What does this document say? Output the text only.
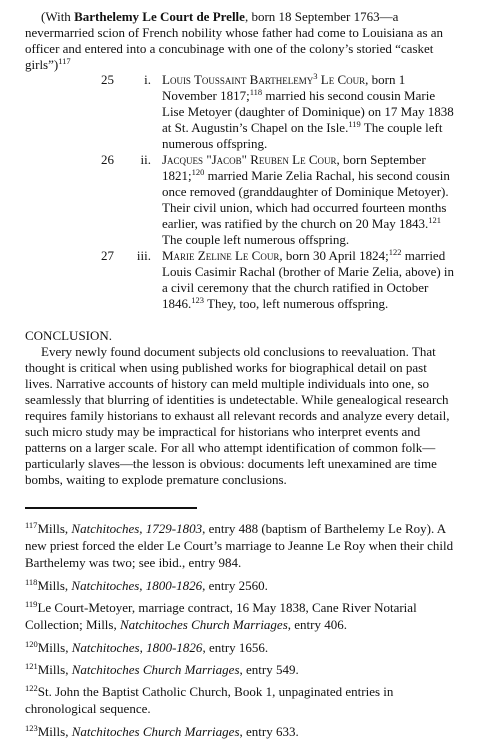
(With Barthelemy Le Court de Prelle, born 18 September 1763—a nevermarried scion of French nobility whose father had come to Louisiana as an officer and entered into a concubinage with one of the colony’s storied “casket girls”)$^{117}$
25	i. Louis Toussaint Barthelemy$^3$ Le Cour, born 1 November 1817;$^{118}$ married his second cousin Marie Lise Metoyer (daughter of Dominique) on 17 May 1838 at St. Augustin’s Chapel on the Isle.$^{119}$ The couple left numerous offspring.
26	ii. Jacques "Jacob" Reuben Le Cour, born September 1821;$^{120}$ married Marie Zelia Rachal, his second cousin once removed (granddaughter of Dominique Metoyer). Their civil union, which had occurred fourteen months earlier, was ratified by the church on 20 May 1843.$^{121}$ The couple left numerous offspring.
27	iii. Marie Zeline Le Cour, born 30 April 1824;$^{122}$ married Louis Casimir Rachal (brother of Marie Zelia, above) in a civil ceremony that the church ratified in October 1846.$^{123}$ They, too, left numerous offspring.
CONCLUSION.
Every newly found document subjects old conclusions to reevaluation. That thought is critical when using published works for biographical detail on past lives. Narrative accounts of history can meld multiple individuals into one, so seamlessly that blurring of identities is undetectable. While genealogical research requires family historians to exhaust all relevant records and analyze every detail, such micro study may be impractical for historians who interpret events and patterns on a larger scale. For all who attempt identification of common folk—particularly slaves—the lesson is obvious: documents left unexamined are time bombs, waiting to explode premature conclusions.
$^{117}$Mills, Natchitoches, 1729-1803, entry 488 (baptism of Barthelemy Le Roy). A new priest forced the elder Le Court’s marriage to Jeanne Le Roy when their child Barthelemy was two; see ibid., entry 984.
$^{118}$Mills, Natchitoches, 1800-1826, entry 2560.
$^{119}$Le Court-Metoyer, marriage contract, 16 May 1838, Cane River Notarial Collection; Mills, Natchitoches Church Marriages, entry 406.
$^{120}$Mills, Natchitoches, 1800-1826, entry 1656.
$^{121}$Mills, Natchitoches Church Marriages, entry 549.
$^{122}$St. John the Baptist Catholic Church, Book 1, unpaginated entries in chronological sequence.
$^{123}$Mills, Natchitoches Church Marriages, entry 633.
